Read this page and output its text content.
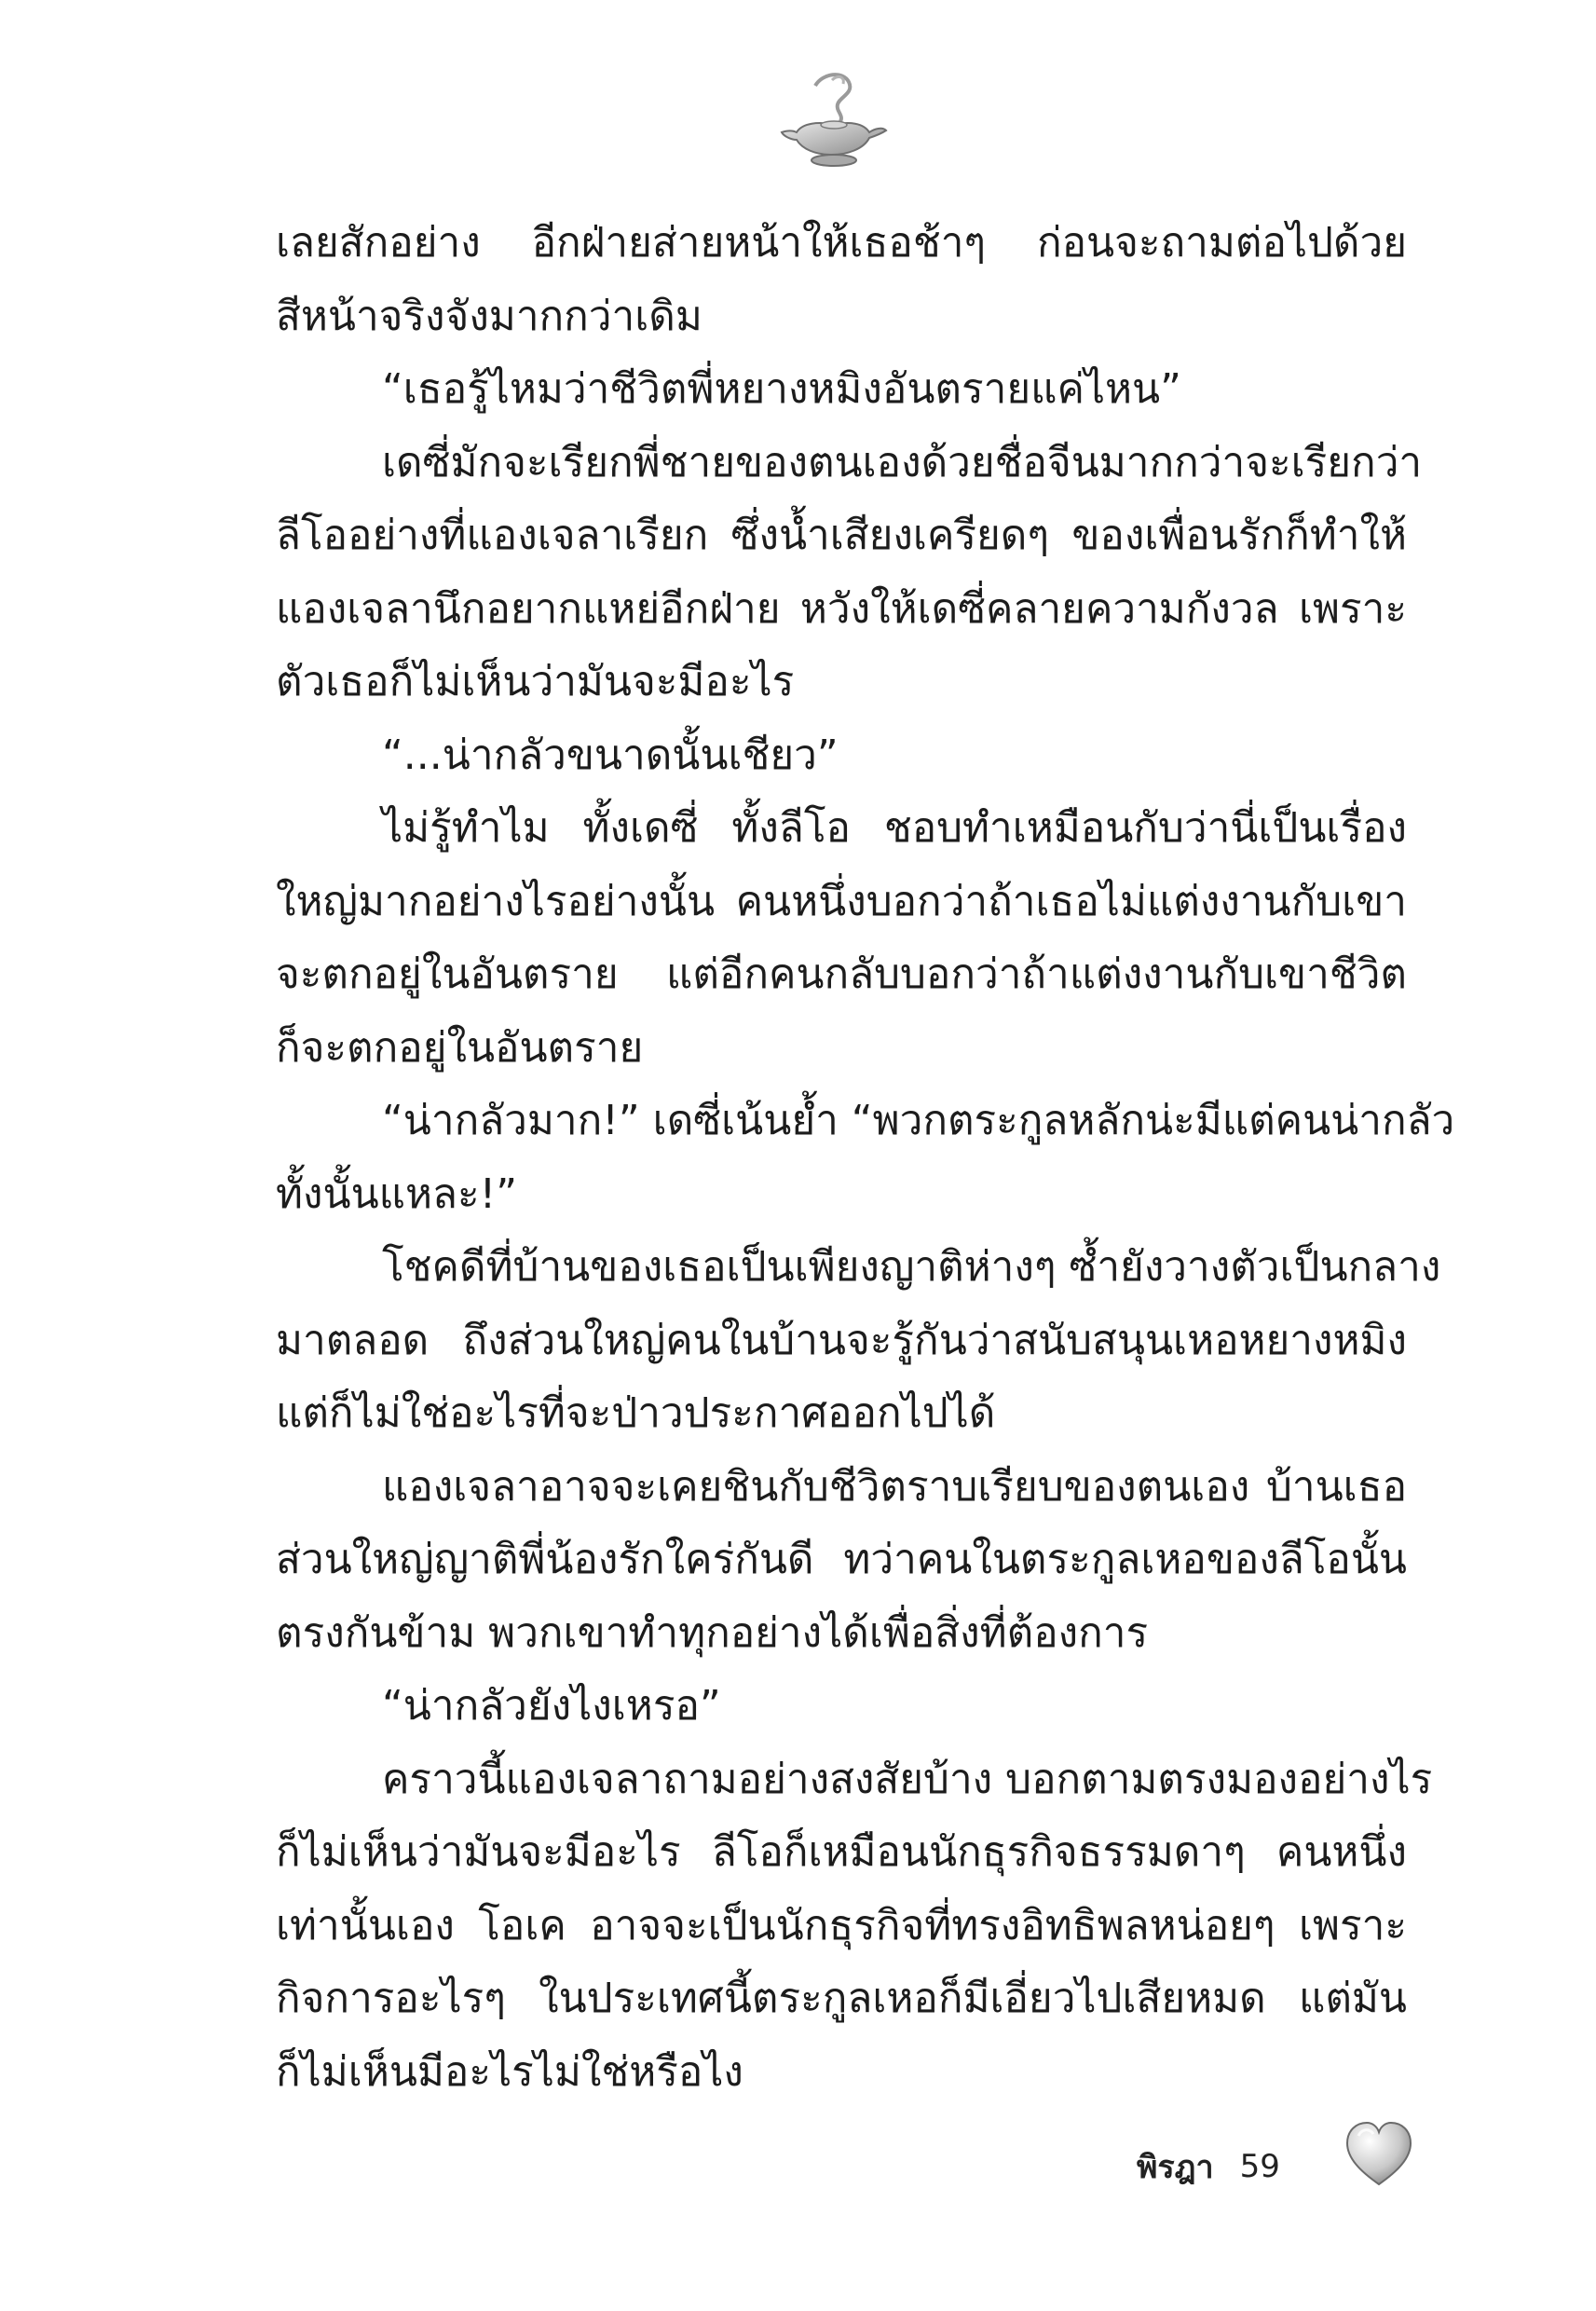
เลยสักอย่าง อีกฝ่ายส่ายหน้าให้เธอช้าๆ ก่อนจะถามต่อไปด้วย
สีหน้าจริงจังมากกว่าเดิม
“เธอรู้ไหมว่าชีวิตพี่หยางหมิงอันตรายแค่ไหน”
เดซี่มักจะเรียกพี่ชายของตนเองด้วยชื่อจีนมากกว่าจะเรียกว่า
ลีโออย่างที่แองเจลาเรียก ซึ่งน้ำเสียงเครียดๆ ของเพื่อนรักก็ทำให้
แองเจลานึกอยากแหย่อีกฝ่าย หวังให้เดซี่คลายความกังวล เพราะ
ตัวเธอก็ไม่เห็นว่ามันจะมีอะไร
“...น่ากลัวขนาดนั้นเชียว”
ไม่รู้ทำไม ทั้งเดซี่ ทั้งลีโอ ชอบทำเหมือนกับว่านี่เป็นเรื่อง
ใหญ่มากอย่างไรอย่างนั้น คนหนึ่งบอกว่าถ้าเธอไม่แต่งงานกับเขา
จะตกอยู่ในอันตราย แต่อีกคนกลับบอกว่าถ้าแต่งงานกับเขาชีวิต
ก็จะตกอยู่ในอันตราย
“น่ากลัวมาก!” เดซี่เน้นย้ำ “พวกตระกูลหลักน่ะมีแต่คนน่ากลัว
ทั้งนั้นแหละ!”
โชคดีที่บ้านของเธอเป็นเพียงญาติห่างๆ ซ้ำยังวางตัวเป็นกลาง
มาตลอด ถึงส่วนใหญ่คนในบ้านจะรู้กันว่าสนับสนุนเหอหยางหมิง
แต่ก็ไม่ใช่อะไรที่จะป่าวประกาศออกไปได้
แองเจลาอาจจะเคยชินกับชีวิตราบเรียบของตนเอง บ้านเธอ
ส่วนใหญ่ญาติพี่น้องรักใคร่กันดี ทว่าคนในตระกูลเหอของลีโอนั้น
ตรงกันข้าม พวกเขาทำทุกอย่างได้เพื่อสิ่งที่ต้องการ
“น่ากลัวยังไงเหรอ”
คราวนี้แองเจลาถามอย่างสงสัยบ้าง บอกตามตรงมองอย่างไร
ก็ไม่เห็นว่ามันจะมีอะไร ลีโอก็เหมือนนักธุรกิจธรรมดาๆ คนหนึ่ง
เท่านั้นเอง โอเค อาจจะเป็นนักธุรกิจที่ทรงอิทธิพลหน่อยๆ เพราะ
กิจการอะไรๆ ในประเทศนี้ตระกูลเหอก็มีเอี่ยวไปเสียหมด แต่มัน
ก็ไม่เห็นมีอะไรไม่ใช่หรือไง
พิรฎา 59
